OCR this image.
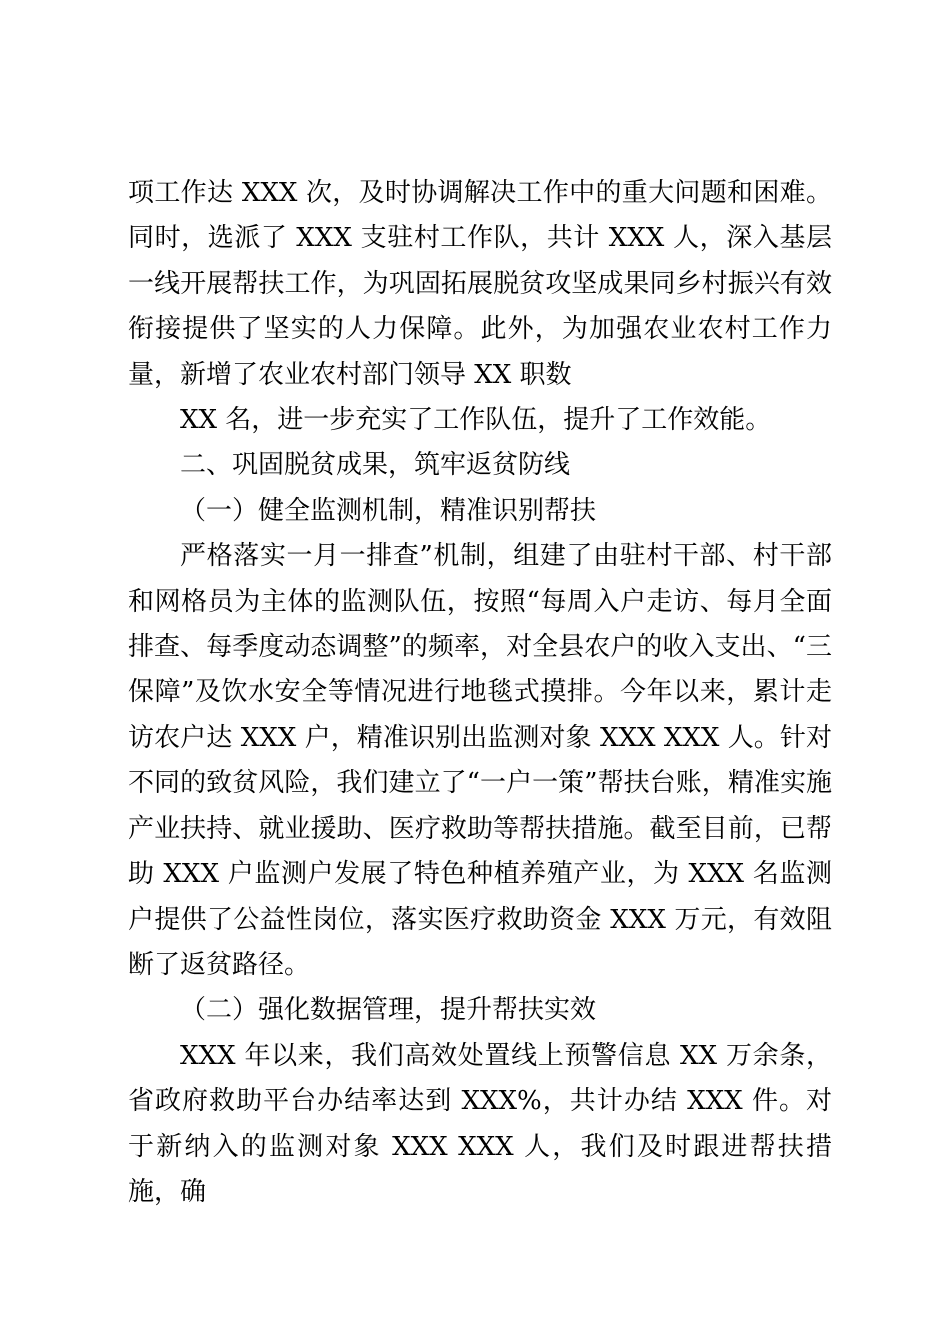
项工作达 XXX 次，及时协调解决工作中的重大问题和困难。同时，选派了 XXX 支驻村工作队，共计 XXX 人，深入基层一线开展帮扶工作，为巩固拓展脱贫攻坚成果同乡村振兴有效衔接提供了坚实的人力保障。此外，为加强农业农村工作力量，新增了农业农村部门领导 XX 职数

XX 名，进一步充实了工作队伍，提升了工作效能。

二、巩固脱贫成果，筑牢返贫防线

（一）健全监测机制，精准识别帮扶

严格落实一月一排查”机制，组建了由驻村干部、村干部和网格员为主体的监测队伍，按照“每周入户走访、每月全面排查、每季度动态调整”的频率，对全县农户的收入支出、“三保障”及饮水安全等情况进行地毯式摸排。今年以来，累计走访农户达 XXX 户，精准识别出监测对象 XXX XXX 人。针对不同的致贫风险，我们建立了“一户一策”帮扶台账，精准实施产业扶持、就业援助、医疗救助等帮扶措施。截至目前，已帮助 XXX 户监测户发展了特色种植养殖产业，为 XXX 名监测户提供了公益性岗位，落实医疗救助资金 XXX 万元，有效阻断了返贫路径。

（二）强化数据管理，提升帮扶实效

XXX 年以来，我们高效处置线上预警信息 XX 万余条，省政府救助平台办结率达到 XXX%，共计办结 XXX 件。对于新纳入的监测对象 XXX XXX 人，我们及时跟进帮扶措施，确
